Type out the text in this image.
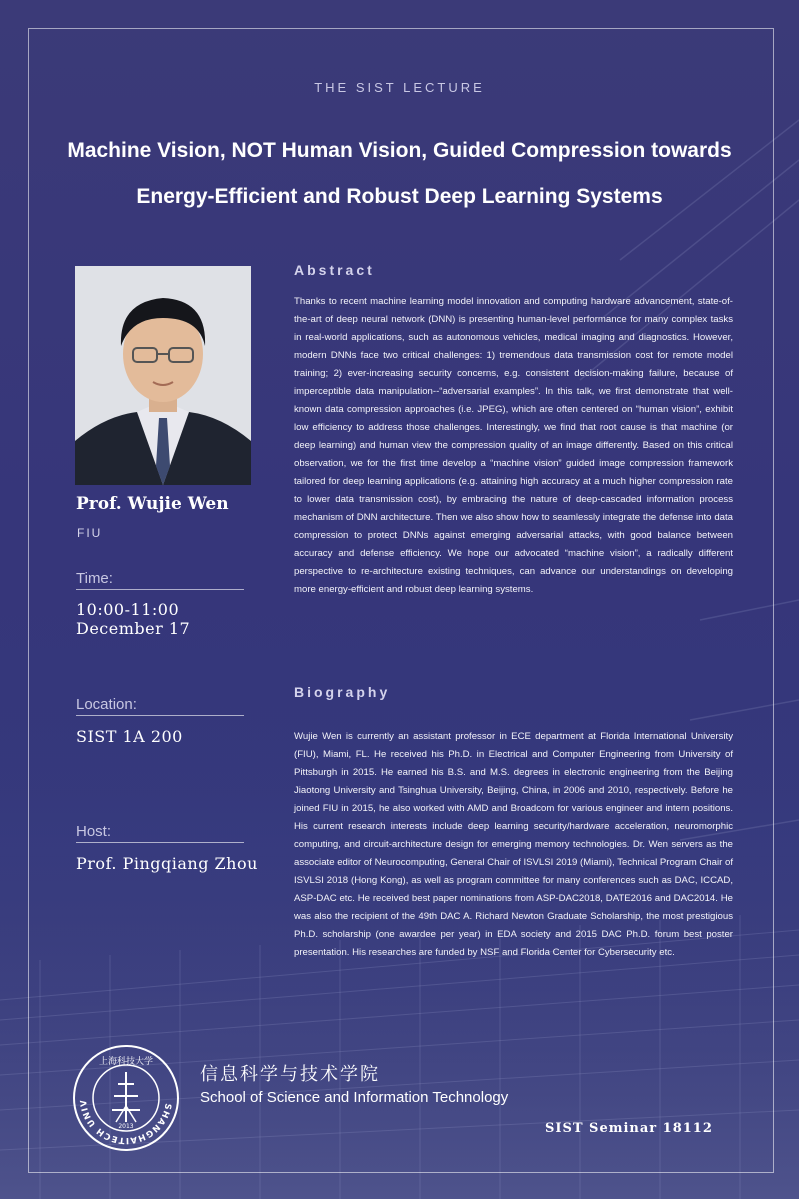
THE SIST LECTURE
Machine Vision, NOT Human Vision, Guided Compression towards
Energy-Efficient and Robust Deep Learning Systems
Prof. Wujie Wen
FIU
Time:
10:00-11:00
December 17
Location:
SIST 1A 200
Host:
Prof. Pingqiang Zhou
Abstract
Thanks to recent machine learning model innovation and computing hardware advancement, state-of-the-art of deep neural network (DNN) is presenting human-level performance for many complex tasks in real-world applications, such as autonomous vehicles, medical imaging and diagnostics. However, modern DNNs face two critical challenges: 1) tremendous data transmission cost for remote model training; 2) ever-increasing security concerns, e.g. consistent decision-making failure, because of imperceptible data manipulation--“adversarial examples”. In this talk, we first demonstrate that well-known data compression approaches (i.e. JPEG), which are often centered on “human vision”, exhibit low efficiency to address those challenges. Interestingly, we find that root cause is that machine (or deep learning) and human view the compression quality of an image differently. Based on this critical observation, we for the first time develop a “machine vision” guided image compression framework tailored for deep learning applications (e.g. attaining high accuracy at a much higher compression rate to lower data transmission cost), by embracing the nature of deep-cascaded information process mechanism of DNN architecture. Then we also show how to seamlessly integrate the defense into data compression to protect DNNs against emerging adversarial attacks, with good balance between accuracy and defense efficiency. We hope our advocated “machine vision”, a radically different perspective to re-architecture existing techniques, can advance our understandings on developing more energy-efficient and robust deep learning systems.
Biography
Wujie Wen is currently an assistant professor in ECE department at Florida International University (FIU), Miami, FL. He received his Ph.D. in Electrical and Computer Engineering from University of Pittsburgh in 2015. He earned his B.S. and M.S. degrees in electronic engineering from the Beijing Jiaotong University and Tsinghua University, Beijing, China, in 2006 and 2010, respectively. Before he joined FIU in 2015, he also worked with AMD and Broadcom for various engineer and intern positions. His current research interests include deep learning security/hardware acceleration, neuromorphic computing, and circuit-architecture design for emerging memory technologies. Dr. Wen servers as the associate editor of Neurocomputing, General Chair of ISVLSI 2019 (Miami), Technical Program Chair of ISVLSI 2018 (Hong Kong), as well as program committee for many conferences such as DAC, ICCAD, ASP-DAC etc. He received best paper nominations from ASP-DAC2018, DATE2016 and DAC2014. He was also the recipient of the 49th DAC A. Richard Newton Graduate Scholarship, the most prestigious Ph.D. scholarship (one awardee per year) in EDA society and 2015 DAC Ph.D. forum best poster presentation. His researches are funded by NSF and Florida Center for Cybersecurity etc.
SHANGHAITECH UNIV
上海科技大学
2013
信息科学与技术学院
School of Science and Information Technology
SIST Seminar 18112
